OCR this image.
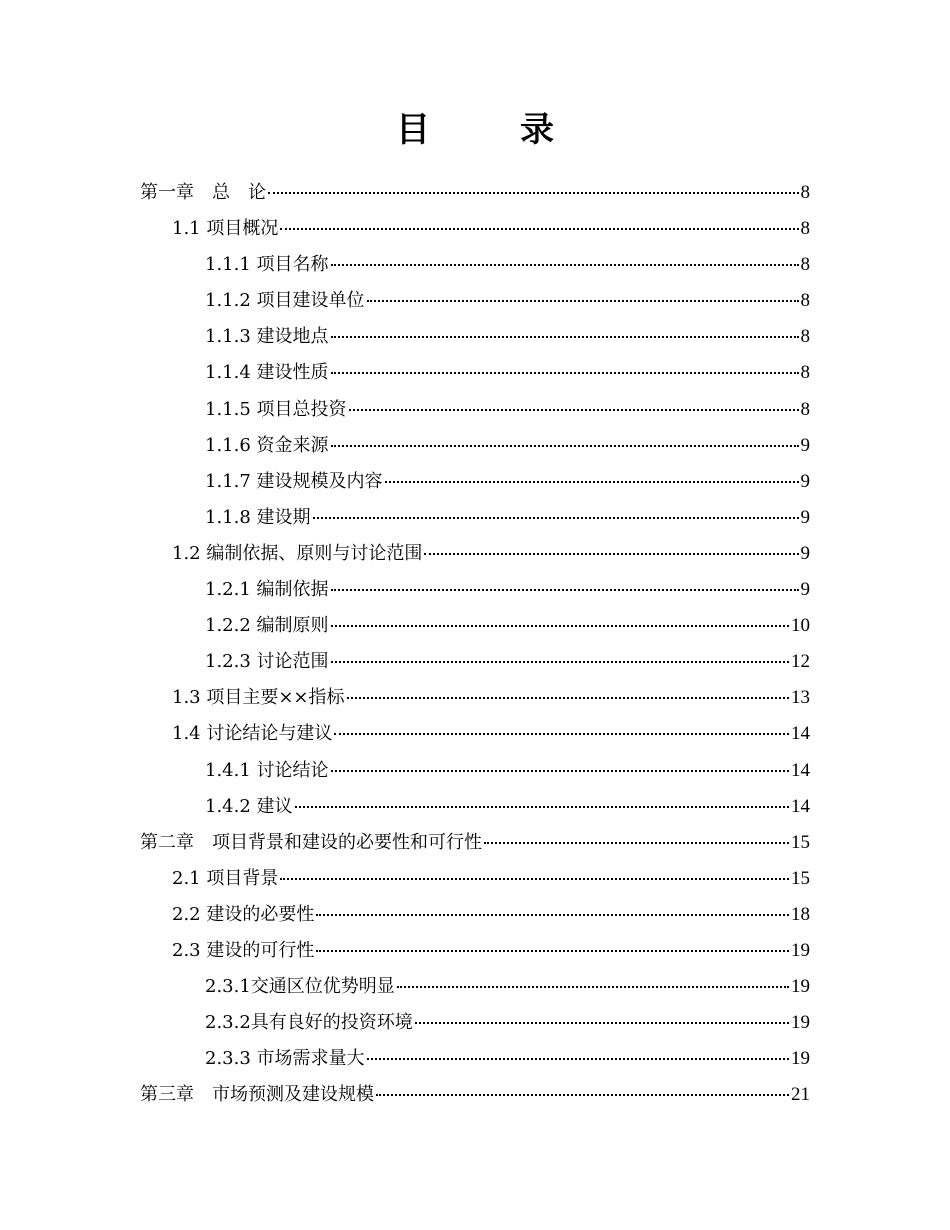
目　录
第一章　总　论	8
1.1 项目概况	8
1.1.1 项目名称	8
1.1.2 项目建设单位	8
1.1.3 建设地点	8
1.1.4 建设性质	8
1.1.5 项目总投资	8
1.1.6 资金来源	9
1.1.7 建设规模及内容	9
1.1.8 建设期	9
1.2 编制依据、原则与讨论范围	9
1.2.1 编制依据	9
1.2.2 编制原则	10
1.2.3 讨论范围	12
1.3 项目主要××指标	13
1.4 讨论结论与建议	14
1.4.1 讨论结论	14
1.4.2 建议	14
第二章　项目背景和建设的必要性和可行性	15
2.1 项目背景	15
2.2 建设的必要性	18
2.3 建设的可行性	19
2.3.1交通区位优势明显	19
2.3.2具有良好的投资环境	19
2.3.3 市场需求量大	19
第三章　市场预测及建设规模	21
